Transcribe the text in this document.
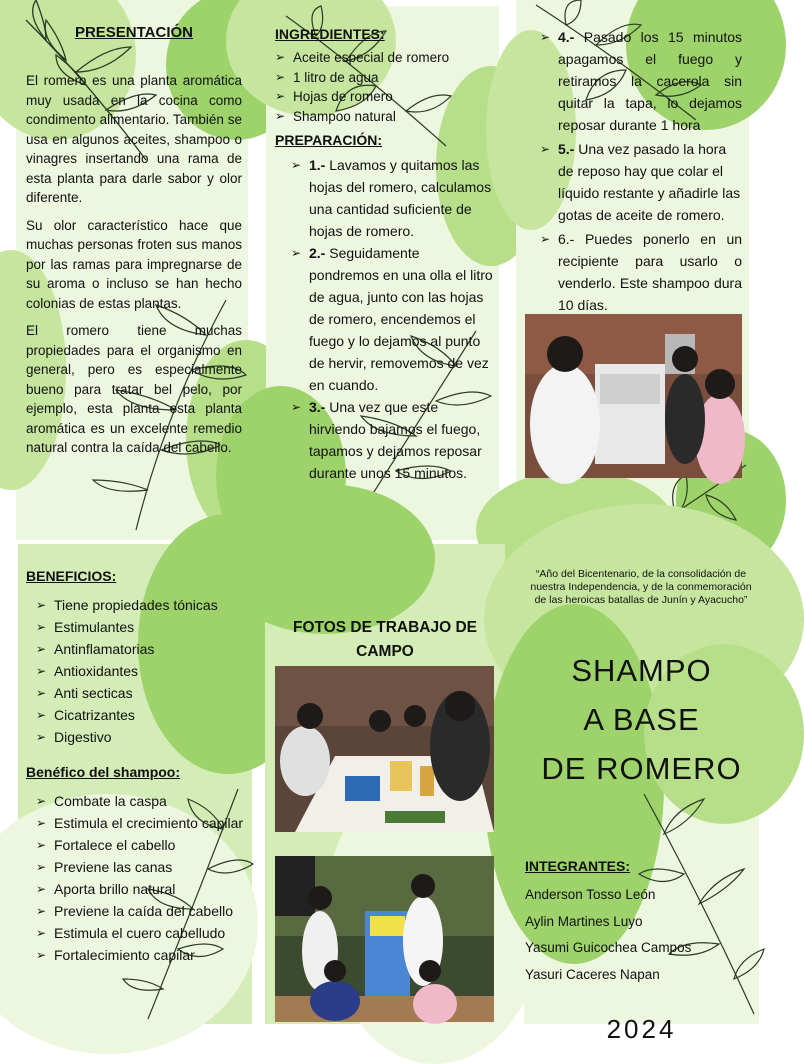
PRESENTACIÓN

El romero es una planta aromática muy usada en la cocina como condimento alimentario. También se usa en algunos aceites, shampoo o vinagres insertando una rama de esta planta para darle sabor y olor diferente.

Su olor característico hace que muchas personas froten sus manos por las ramas para impregnarse de su aroma o incluso se han hecho colonias de estas plantas.

El romero tiene muchas propiedades para el organismo en general, pero es especialmente bueno para tratar bel pelo, por ejemplo, esta planta esta planta aromática es un excelente remedio natural contra la caída del cabello.

INGREDIENTES:
➢ Aceite especial de romero
➢ 1 litro de agua
➢ Hojas de romero
➢ Shampoo natural
PREPARACIÓN:
➢ 1.- Lavamos y quitamos las hojas del romero, calculamos una cantidad suficiente de hojas de romero.
➢ 2.- Seguidamente pondremos en una olla el litro de agua, junto con las hojas de romero, encendemos el fuego y lo dejamos al punto de hervir, removemos de vez en cuando.
➢ 3.- Una vez que este hirviendo bajamos el fuego, tapamos y dejamos reposar durante unos 15 minutos.
➢ 4.- Pasado los 15 minutos apagamos el fuego y retiramos la cacerola sin quitar la tapa, lo dejamos reposar durante 1 hora
➢ 5.- Una vez pasado la hora de reposo hay que colar el líquido restante y añadirle las gotas de aceite de romero.
➢ 6.- Puedes ponerlo en un recipiente para usarlo o venderlo. Este shampoo dura 10 días.
BENEFICIOS:
➢ Tiene propiedades tónicas
➢ Estimulantes
➢ Antinflamatorias
➢ Antioxidantes
➢ Anti secticas
➢ Cicatrizantes
➢ Digestivo
Benéfico del shampoo:
➢ Combate la caspa
➢ Estimula el crecimiento capilar
➢ Fortalece el cabello
➢ Previene las canas
➢ Aporta brillo natural
➢ Previene la caída del cabello
➢ Estimula el cuero cabelludo
➢ Fortalecimiento capilar
FOTOS DE TRABAJO DE CAMPO
“Año del Bicentenario, de la consolidación de nuestra Independencia, y de la conmemoración de las heroicas batallas de Junín y Ayacucho”
SHAMPO
A BASE
DE ROMERO
INTEGRANTES:
Anderson Tosso León
Aylin Martines Luyo
Yasumi Guicochea Campos
Yasuri Caceres Napan
2024
